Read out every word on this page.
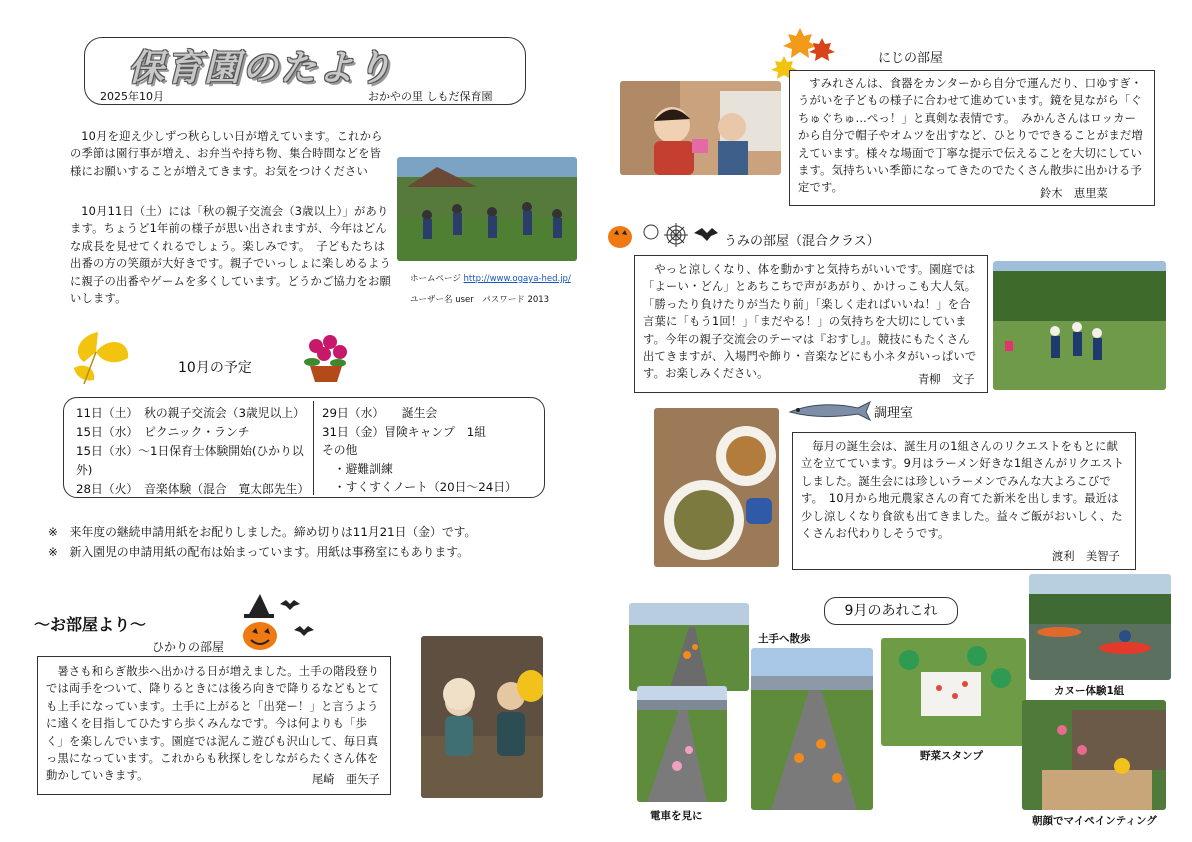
保育園のたより
2025年10月	おかやの里 しもだ保育園
10月を迎え少しずつ秋らしい日が増えています。これからの季節は園行事が増え、お弁当や持ち物、集合時間などを皆様にお願いすることが増えてきます。お気をつけください
10月11日（土）には「秋の親子交流会（3歳以上）」があります。ちょうど1年前の様子が思い出されますが、今年はどんな成長を見せてくれるでしょう。楽しみです。　子どもたちは出番の方の笑顔が大好きです。親子でいっしょに楽しめるように親子の出番やゲームを多くしています。どうかご協力をお願いします。
ホームページ http://www.ogaya-hed.jp/
ユーザー名 user　パスワード 2013
10月の予定
11日（土）　秋の親子交流会（3歳児以上）
15日（水）　ピクニック・ランチ
15日（水）～1日保育士体験開始(ひかり以外)
28日（火）　音楽体験（混合　寛太郎先生）
29日（水）　　誕生会
31日（金）冒険キャンプ　1組
その他
　・避難訓練
　・すくすくノート（20日～24日）
※　来年度の継続申請用紙をお配りしました。締め切りは11月21日（金）です。
※　新入園児の申請用紙の配布は始まっています。用紙は事務室にもあります。
～お部屋より～
ひかりの部屋
暑さも和らぎ散歩へ出かける日が増えました。土手の階段登りでは両手をついて、降りるときには後ろ向きで降りるなどもとても上手になっています。土手に上がると「出発ー！」と言うように遠くを目指してひたすら歩くみんなです。今は何よりも「歩く」を楽しんでいます。園庭では泥んこ遊びも沢山して、毎日真っ黒になっています。これからも秋探しをしながらたくさん体を動かしていきます。	尾崎　亜矢子
にじの部屋
すみれさんは、食器をカンターから自分で運んだり、口ゆすぎ・うがいを子どもの様子に合わせて進めています。鏡を見ながら「ぐちゅぐちゅ…ぺっ！」と真剣な表情です。　みかんさんはロッカーから自分で帽子やオムツを出すなど、ひとりでできることがまだ増えています。様々な場面で丁寧な提示で伝えることを大切にしています。気持ちいい季節になってきたのでたくさん散歩に出かける予定です。	鈴木　恵里菜
うみの部屋（混合クラス）
やっと涼しくなり、体を動かすと気持ちがいいです。園庭では「よーい・どん」とあちこちで声があがり、かけっこも大人気。「勝ったり負けたりが当たり前」「楽しく走ればいいね！」を合言葉に「もう1回！」「まだやる！」の気持ちを大切にしています。今年の親子交流会のテーマは『おすし』。競技にもたくさん出てきますが、入場門や飾り・音楽などにも小ネタがいっぱいです。お楽しみください。	青柳　文子
調理室
毎月の誕生会は、誕生月の1組さんのリクエストをもとに献立を立てています。9月はラーメン好きな1組さんがリクエストしました。誕生会には珍しいラーメンでみんな大よろこびです。　10月から地元農家さんの育てた新米を出します。最近は少し涼しくなり食欲も出てきました。益々ご飯がおいしく、たくさんお代わりしそうです。
渡利　美智子
9月のあれこれ
土手へ散歩
野菜スタンプ
カヌー体験1組
電車を見に	朝顔でマイペインティング
